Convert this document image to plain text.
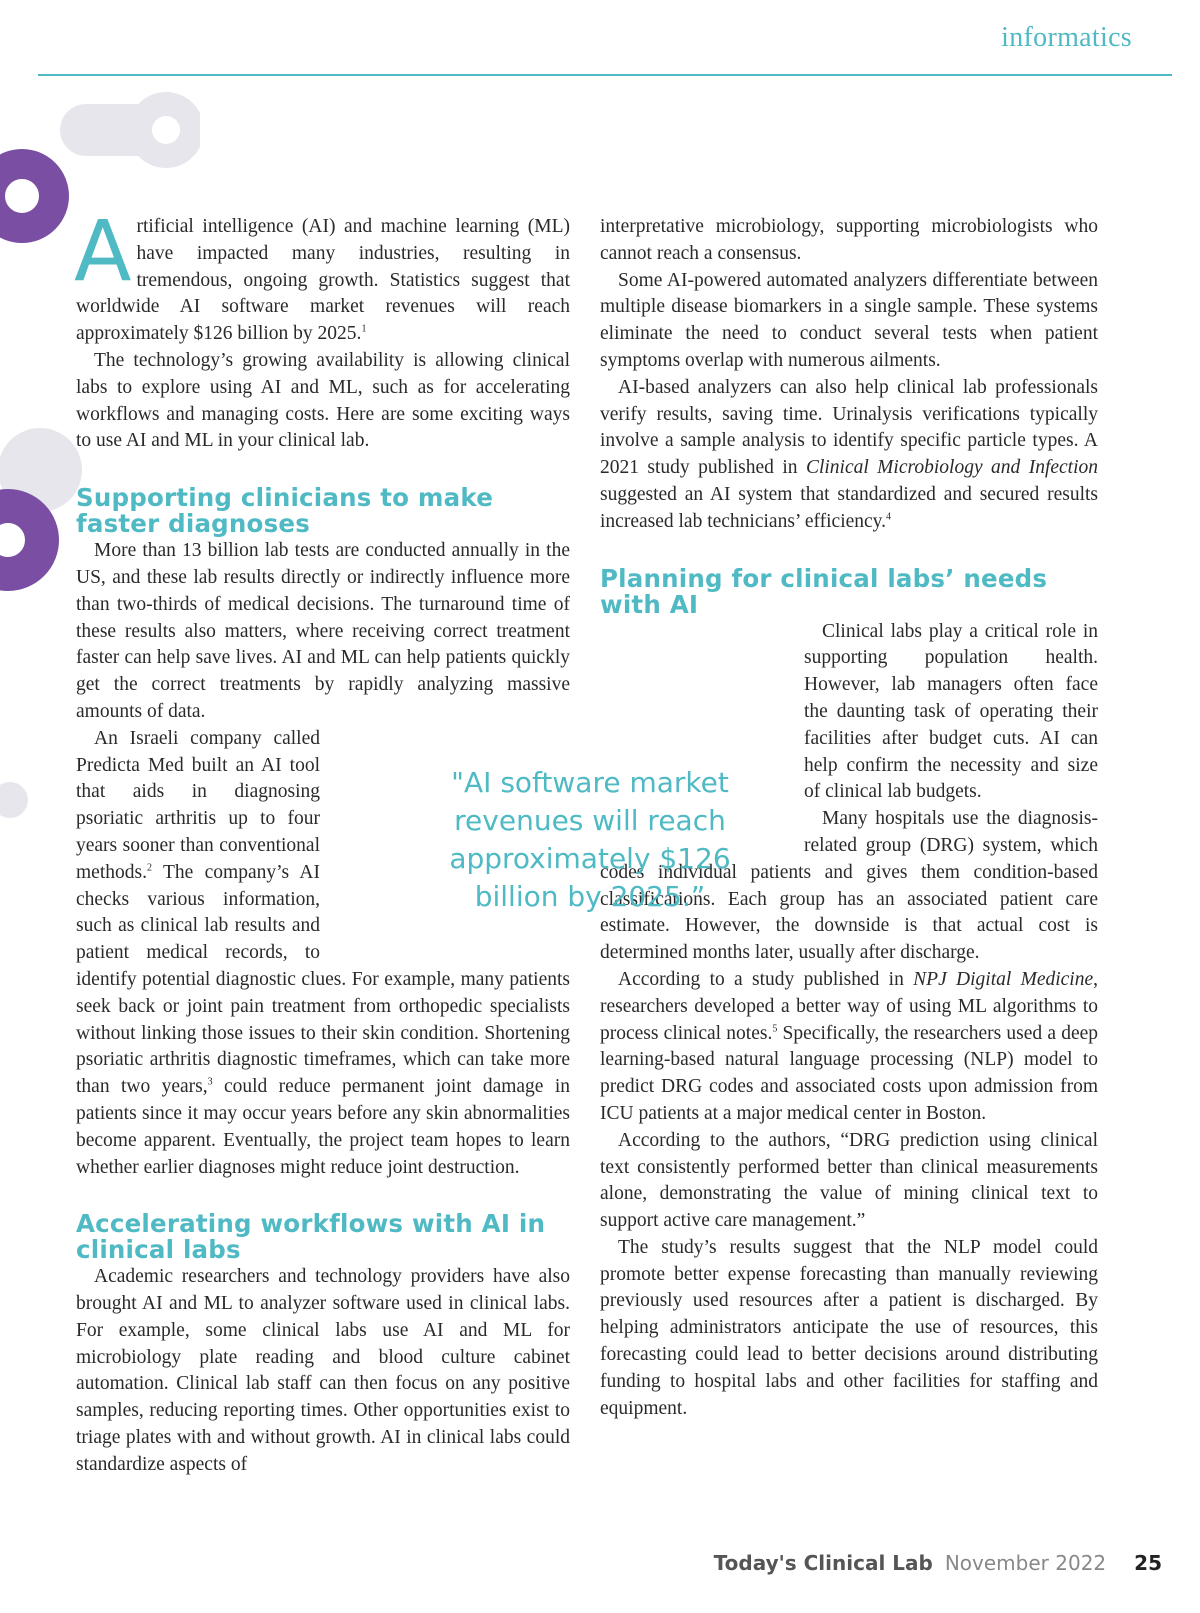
informatics

Artificial intelligence (AI) and machine learning (ML) have impacted many industries, resulting in tremendous, ongoing growth. Statistics suggest that worldwide AI software market revenues will reach approximately $126 billion by 2025.$^1$

The technology’s growing availability is allowing clinical labs to explore using AI and ML, such as for accelerating workflows and managing costs. Here are some exciting ways to use AI and ML in your clinical lab.

Supporting clinicians to make faster diagnoses

More than 13 billion lab tests are conducted annually in the US, and these lab results directly or indirectly influence more than two-thirds of medical decisions. The turnaround time of these results also matters, where receiving correct treatment faster can help save lives. AI and ML can help patients quickly get the correct treatments by rapidly analyzing massive amounts of data.

An Israeli company called Predicta Med built an AI tool that aids in diagnosing psoriatic arthritis up to four years sooner than conventional methods.$^2$ The company’s AI checks various information, such as clinical lab results and patient medical records, to identify potential diagnostic clues. For example, many patients seek back or joint pain treatment from orthopedic specialists without linking those issues to their skin condition. Shortening psoriatic arthritis diagnostic timeframes, which can take more than two years,$^3$ could reduce permanent joint damage in patients since it may occur years before any skin abnormalities become apparent. Eventually, the project team hopes to learn whether earlier diagnoses might reduce joint destruction.

Accelerating workflows with AI in clinical labs

Academic researchers and technology providers have also brought AI and ML to analyzer software used in clinical labs. For example, some clinical labs use AI and ML for microbiology plate reading and blood culture cabinet automation. Clinical lab staff can then focus on any positive samples, reducing reporting times. Other opportunities exist to triage plates with and without growth. AI in clinical labs could standardize aspects of

interpretative microbiology, supporting microbiologists who cannot reach a consensus.

Some AI-powered automated analyzers differentiate between multiple disease biomarkers in a single sample. These systems eliminate the need to conduct several tests when patient symptoms overlap with numerous ailments.

AI-based analyzers can also help clinical lab professionals verify results, saving time. Urinalysis verifications typically involve a sample analysis to identify specific particle types. A 2021 study published in Clinical Microbiology and Infection suggested an AI system that standardized and secured results increased lab technicians’ efficiency.$^4$

Planning for clinical labs’ needs with AI

Clinical labs play a critical role in supporting population health. However, lab managers often face the daunting task of operating their facilities after budget cuts. AI can help confirm the necessity and size of clinical lab budgets.

Many hospitals use the diagnosis-related group (DRG) system, which codes individual patients and gives them condition-based classifications. Each group has an associated patient care estimate. However, the downside is that actual cost is determined months later, usually after discharge.

According to a study published in NPJ Digital Medicine, researchers developed a better way of using ML algorithms to process clinical notes.$^5$ Specifically, the researchers used a deep learning-based natural language processing (NLP) model to predict DRG codes and associated costs upon admission from ICU patients at a major medical center in Boston.

According to the authors, “DRG prediction using clinical text consistently performed better than clinical measurements alone, demonstrating the value of mining clinical text to support active care management.”

The study’s results suggest that the NLP model could promote better expense forecasting than manually reviewing previously used resources after a patient is discharged. By helping administrators anticipate the use of resources, this forecasting could lead to better decisions around distributing funding to hospital labs and other facilities for staffing and equipment.

"AI software market revenues will reach approximately $126 billion by 2025.”
Today's Clinical Lab November 2022 25
